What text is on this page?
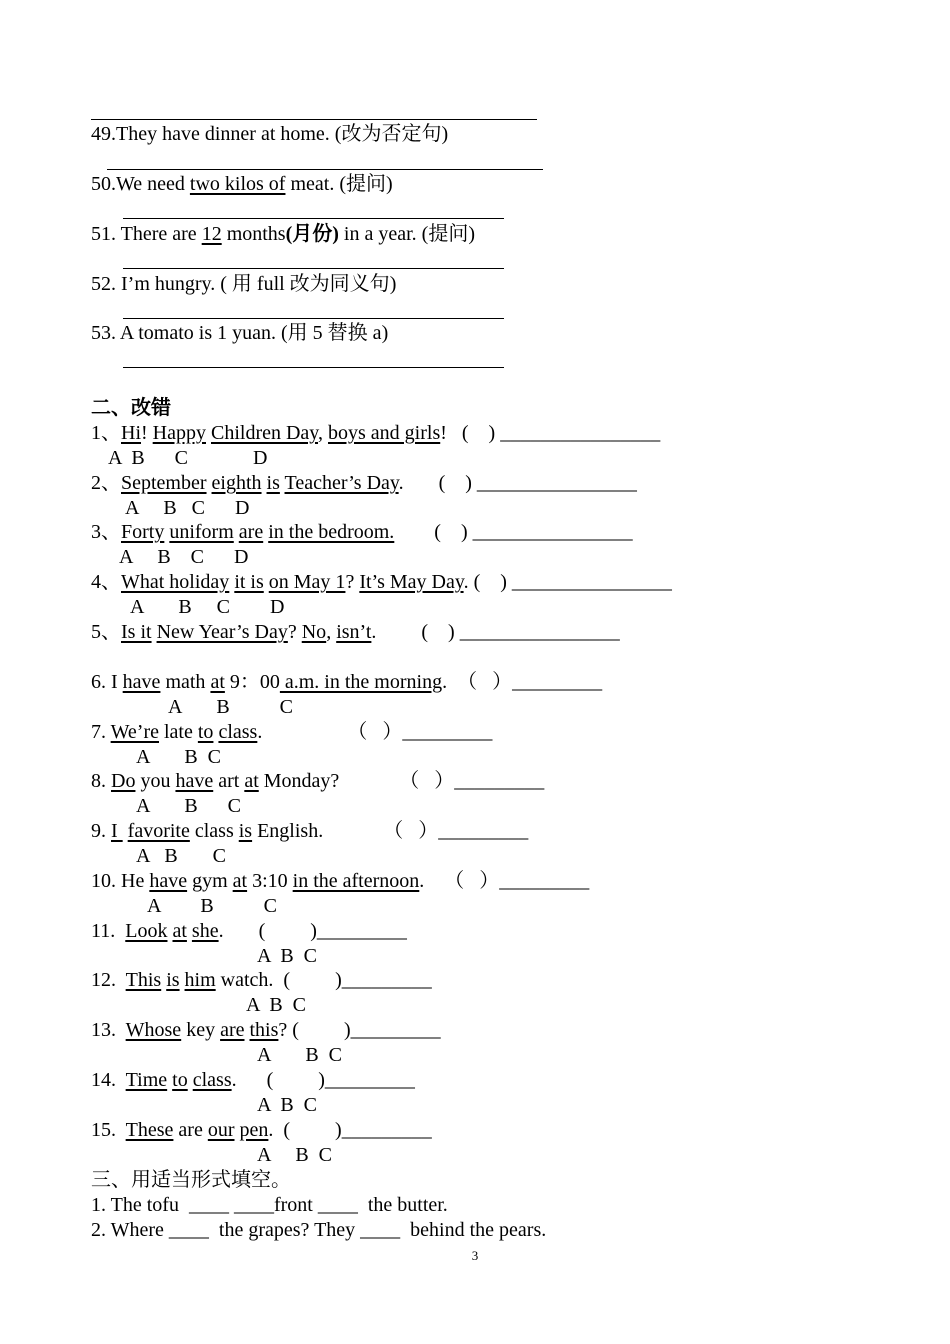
49.They have dinner at home. (改为否定句)
50.We need two kilos of meat. (提问)
51. There are 12 months(月份) in a year. (提问)
52. I’m hungry. ( 用 full 改为同义句)
53. A tomato is 1 yuan. (用 5 替换 a)
二、改错
1、Hi! Happy Children Day, boys and girls!   (    ) ________________
A  B      C             D
2、September eighth is Teacher’s Day.       (    ) ________________
A     B   C      D
3、Forty uniform are in the bedroom.        (    ) ________________
A     B    C      D
4、What holiday it is on May 1? It’s May Day. (    ) ________________
A       B     C        D
5、Is it New Year’s Day? No, isn’t.         (    ) ________________
6. I have math at 9：00 a.m. in the morning.  （   ）_________
A       B          C
7. We’re late to class.                 （   ）_________
A       B  C
8. Do you have art at Monday?            （   ）_________
A       B      C
9. I  favorite class is English.            （   ）_________
A   B       C
10. He have gym at 3:10 in the afternoon.    （   ）_________
A        B          C
11.  Look at she.       (         )_________
A  B  C
12.  This is him watch.  (         )_________
A  B  C
13.  Whose key are this? (         )_________
A       B  C
14.  Time to class.      (         )_________
A  B  C
15.  These are our pen.  (         )_________
A     B  C
三、用适当形式填空。
1. The tofu  ____ ____front ____  the butter.
2. Where ____  the grapes? They ____  behind the pears.
3
